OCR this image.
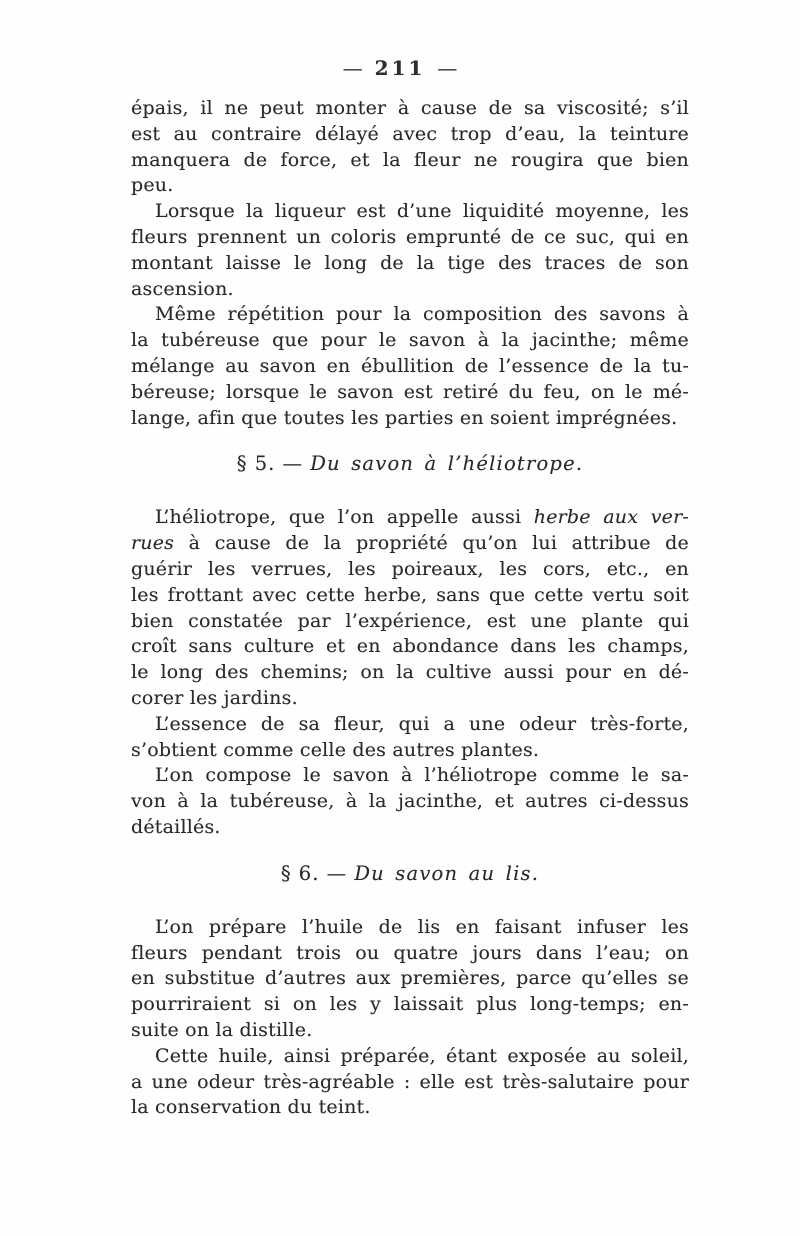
— 211 —
épais, il ne peut monter à cause de sa viscosité; s’il
est au contraire délayé avec trop d’eau, la teinture
manquera de force, et la fleur ne rougira que bien
peu.
Lorsque la liqueur est d’une liquidité moyenne, les
fleurs prennent un coloris emprunté de ce suc, qui en
montant laisse le long de la tige des traces de son
ascension.
Même répétition pour la composition des savons à
la tubéreuse que pour le savon à la jacinthe; même
mélange au savon en ébullition de l’essence de la tu-
béreuse; lorsque le savon est retiré du feu, on le mé-
lange, afin que toutes les parties en soient imprégnées.
§ 5. — Du savon à l’héliotrope.
L’héliotrope, que l’on appelle aussi herbe aux ver-
rues à cause de la propriété qu’on lui attribue de
guérir les verrues, les poireaux, les cors, etc., en
les frottant avec cette herbe, sans que cette vertu soit
bien constatée par l’expérience, est une plante qui
croît sans culture et en abondance dans les champs,
le long des chemins; on la cultive aussi pour en dé-
corer les jardins.
L’essence de sa fleur, qui a une odeur très-forte,
s’obtient comme celle des autres plantes.
L’on compose le savon à l’héliotrope comme le sa-
von à la tubéreuse, à la jacinthe, et autres ci-dessus
détaillés.
§ 6. — Du savon au lis.
L’on prépare l’huile de lis en faisant infuser les
fleurs pendant trois ou quatre jours dans l’eau; on
en substitue d’autres aux premières, parce qu’elles se
pourriraient si on les y laissait plus long-temps; en-
suite on la distille.
Cette huile, ainsi préparée, étant exposée au soleil,
a une odeur très-agréable : elle est très-salutaire pour
la conservation du teint.
